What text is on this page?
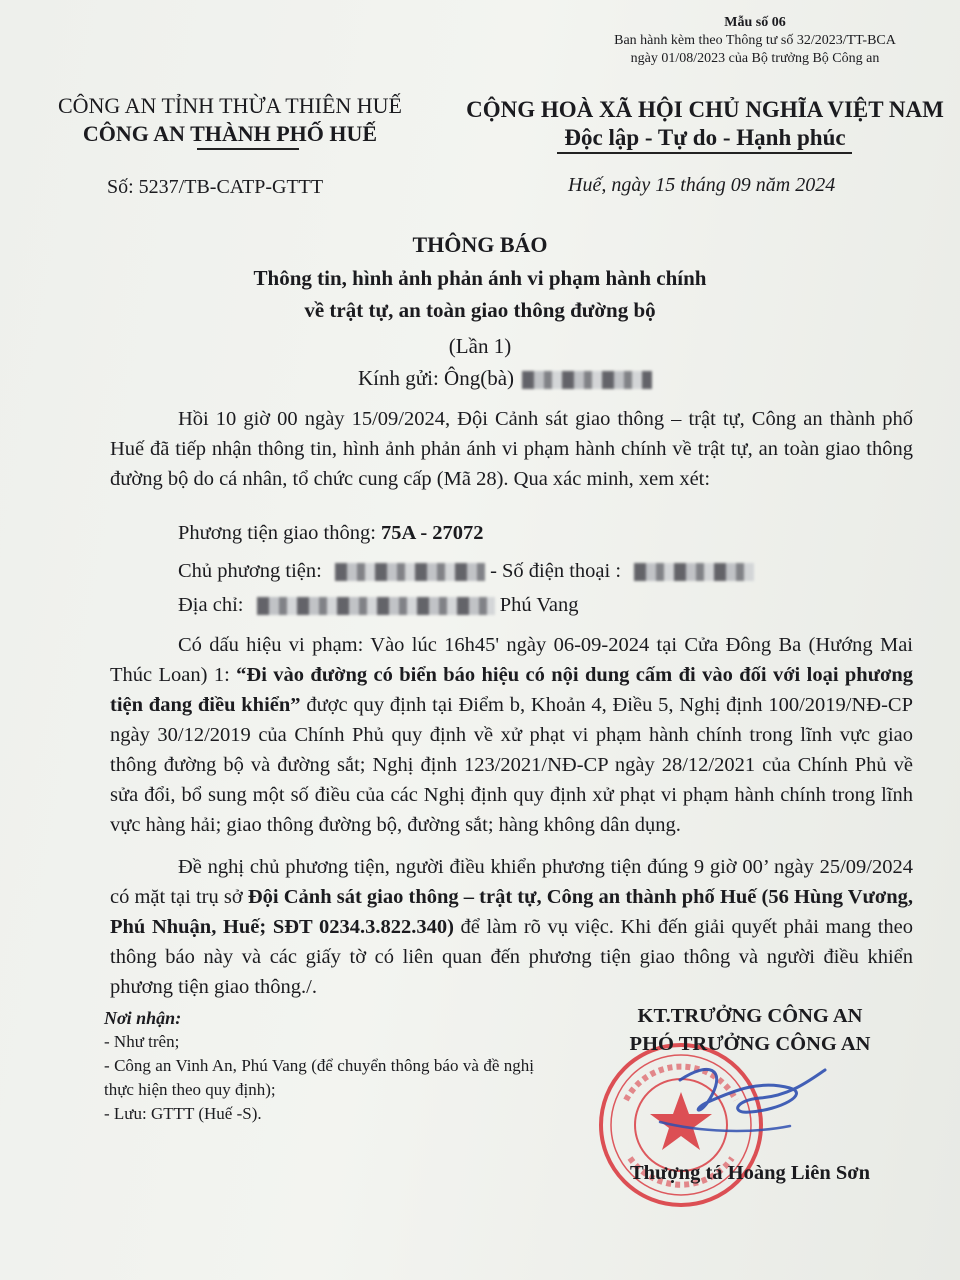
Mẫu số 06
Ban hành kèm theo Thông tư số 32/2023/TT-BCA
ngày 01/08/2023 của Bộ trưởng Bộ Công an
CÔNG AN TỈNH THỪA THIÊN HUẾ
CÔNG AN THÀNH PHỐ HUẾ
CỘNG HOÀ XÃ HỘI CHỦ NGHĨA VIỆT NAM
Độc lập - Tự do - Hạnh phúc
Số: 5237/TB-CATP-GTTT	Huế, ngày 15 tháng 09 năm 2024
THÔNG BÁO
Thông tin, hình ảnh phản ánh vi phạm hành chính
về trật tự, an toàn giao thông đường bộ
(Lần 1)
Kính gửi: Ông(bà)
Hồi 10 giờ 00 ngày 15/09/2024, Đội Cảnh sát giao thông – trật tự, Công an thành phố Huế đã tiếp nhận thông tin, hình ảnh phản ánh vi phạm hành chính về trật tự, an toàn giao thông đường bộ do cá nhân, tổ chức cung cấp (Mã 28). Qua xác minh, xem xét:
Phương tiện giao thông: 75A - 27072
Chủ phương tiện:	- Số điện thoại :
Địa chỉ:	Phú Vang
Có dấu hiệu vi phạm: Vào lúc 16h45' ngày 06-09-2024 tại Cửa Đông Ba (Hướng Mai Thúc Loan) 1: “Đi vào đường có biển báo hiệu có nội dung cấm đi vào đối với loại phương tiện đang điều khiển” được quy định tại Điểm b, Khoản 4, Điều 5, Nghị định 100/2019/NĐ-CP ngày 30/12/2019 của Chính Phủ quy định về xử phạt vi phạm hành chính trong lĩnh vực giao thông đường bộ và đường sắt; Nghị định 123/2021/NĐ-CP ngày 28/12/2021 của Chính Phủ về sửa đổi, bổ sung một số điều của các Nghị định quy định xử phạt vi phạm hành chính trong lĩnh vực hàng hải; giao thông đường bộ, đường sắt; hàng không dân dụng.
Đề nghị chủ phương tiện, người điều khiển phương tiện đúng 9 giờ 00’ ngày 25/09/2024 có mặt tại trụ sở Đội Cảnh sát giao thông – trật tự, Công an thành phố Huế (56 Hùng Vương, Phú Nhuận, Huế; SĐT 0234.3.822.340) để làm rõ vụ việc. Khi đến giải quyết phải mang theo thông báo này và các giấy tờ có liên quan đến phương tiện giao thông và người điều khiển phương tiện giao thông./.
Nơi nhận:
- Như trên;
- Công an Vinh An, Phú Vang (để chuyển thông báo và đề nghị thực hiện theo quy định);
- Lưu: GTTT (Huế -S).
KT.TRƯỞNG CÔNG AN
PHÓ TRƯỞNG CÔNG AN
Thượng tá Hoàng Liên Sơn
